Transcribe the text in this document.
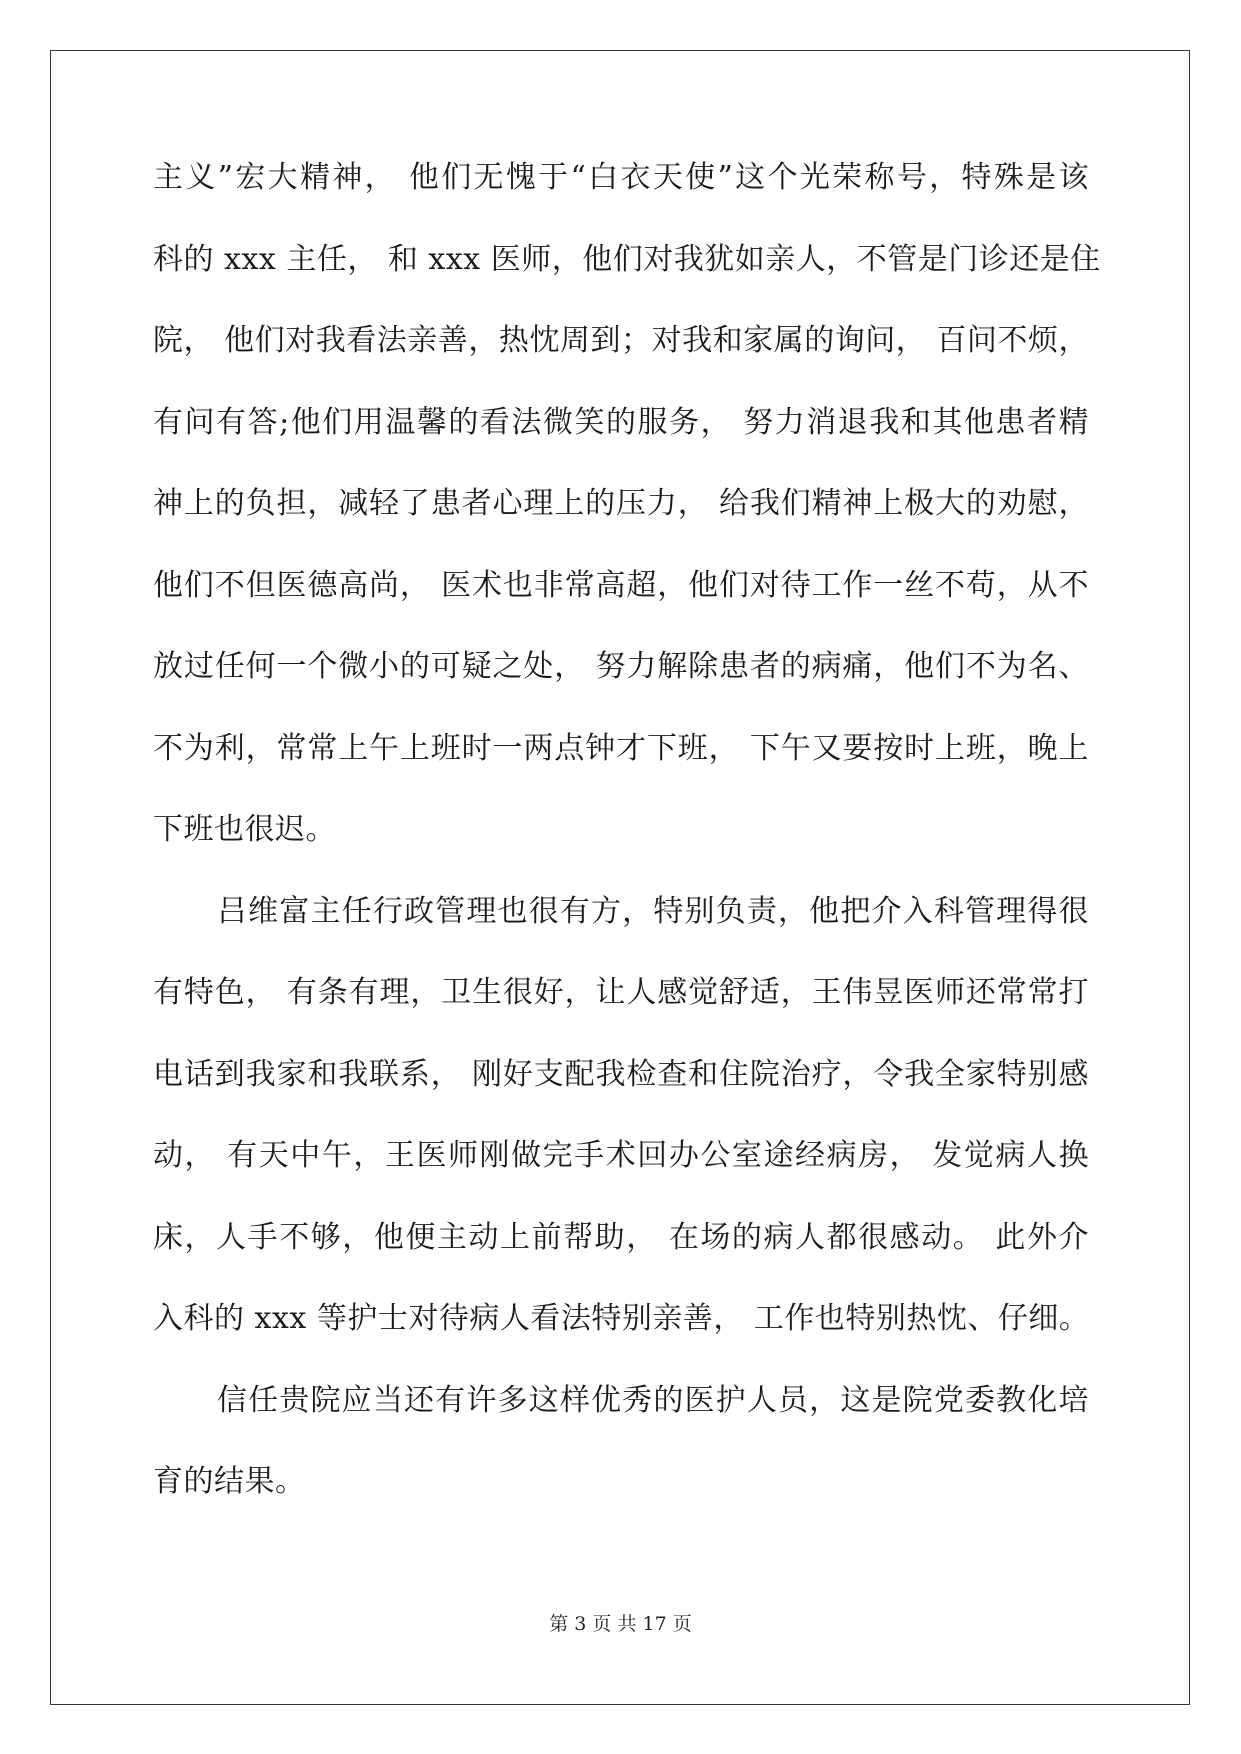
主义”宏大精神， 他们无愧于“白衣天使”这个光荣称号，特殊是该
科的 xxx 主任， 和 xxx 医师，他们对我犹如亲人，不管是门诊还是住
院， 他们对我看法亲善，热忱周到；对我和家属的询问， 百问不烦，
有问有答;他们用温馨的看法微笑的服务， 努力消退我和其他患者精
神上的负担，减轻了患者心理上的压力， 给我们精神上极大的劝慰，
他们不但医德高尚， 医术也非常高超，他们对待工作一丝不苟，从不
放过任何一个微小的可疑之处， 努力解除患者的病痛，他们不为名、
不为利，常常上午上班时一两点钟才下班， 下午又要按时上班，晚上
下班也很迟。
吕维富主任行政管理也很有方，特别负责，他把介入科管理得很
有特色， 有条有理，卫生很好，让人感觉舒适，王伟昱医师还常常打
电话到我家和我联系， 刚好支配我检查和住院治疗，令我全家特别感
动， 有天中午，王医师刚做完手术回办公室途经病房， 发觉病人换
床，人手不够，他便主动上前帮助， 在场的病人都很感动。 此外介
入科的 xxx 等护士对待病人看法特别亲善， 工作也特别热忱、仔细。
信任贵院应当还有许多这样优秀的医护人员，这是院党委教化培
育的结果。
第 3 页 共 17 页
